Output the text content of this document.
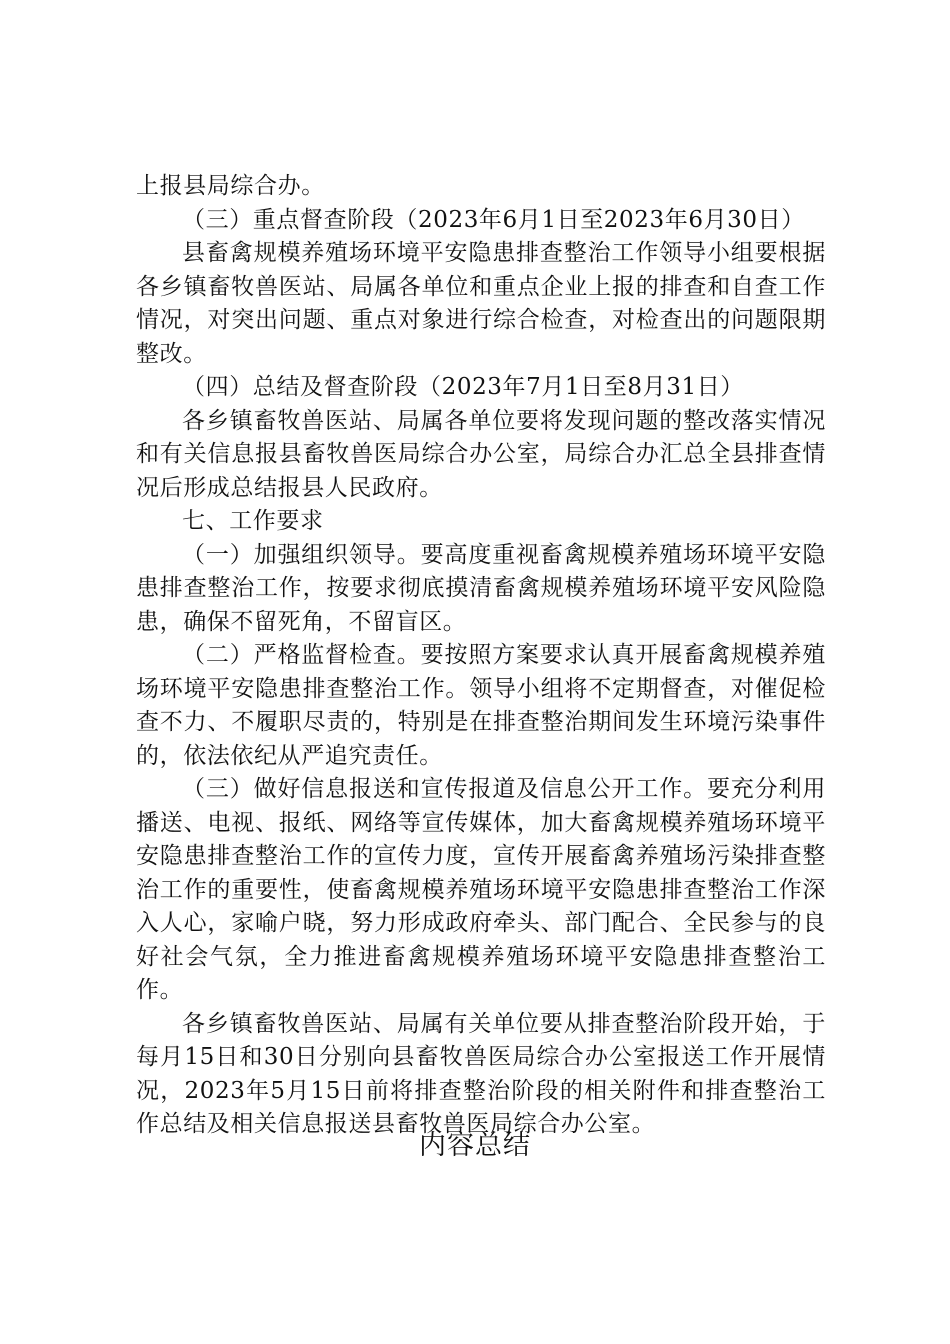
上报县局综合办。

（三）重点督查阶段（2023年6月1日至2023年6月30日）

县畜禽规模养殖场环境平安隐患排查整治工作领导小组要根据各乡镇畜牧兽医站、局属各单位和重点企业上报的排查和自查工作情况，对突出问题、重点对象进行综合检查，对检查出的问题限期整改。

（四）总结及督查阶段（2023年7月1日至8月31日）

各乡镇畜牧兽医站、局属各单位要将发现问题的整改落实情况和有关信息报县畜牧兽医局综合办公室，局综合办汇总全县排查情况后形成总结报县人民政府。

七、工作要求

（一）加强组织领导。要高度重视畜禽规模养殖场环境平安隐患排查整治工作，按要求彻底摸清畜禽规模养殖场环境平安风险隐患，确保不留死角，不留盲区。

（二）严格监督检查。要按照方案要求认真开展畜禽规模养殖场环境平安隐患排查整治工作。领导小组将不定期督查，对催促检查不力、不履职尽责的，特别是在排查整治期间发生环境污染事件的，依法依纪从严追究责任。

（三）做好信息报送和宣传报道及信息公开工作。要充分利用播送、电视、报纸、网络等宣传媒体，加大畜禽规模养殖场环境平安隐患排查整治工作的宣传力度，宣传开展畜禽养殖场污染排查整治工作的重要性，使畜禽规模养殖场环境平安隐患排查整治工作深入人心，家喻户晓，努力形成政府牵头、部门配合、全民参与的良好社会气氛，全力推进畜禽规模养殖场环境平安隐患排查整治工作。

各乡镇畜牧兽医站、局属有关单位要从排查整治阶段开始，于每月15日和30日分别向县畜牧兽医局综合办公室报送工作开展情况，2023年5月15日前将排查整治阶段的相关附件和排查整治工作总结及相关信息报送县畜牧兽医局综合办公室。

内容总结
